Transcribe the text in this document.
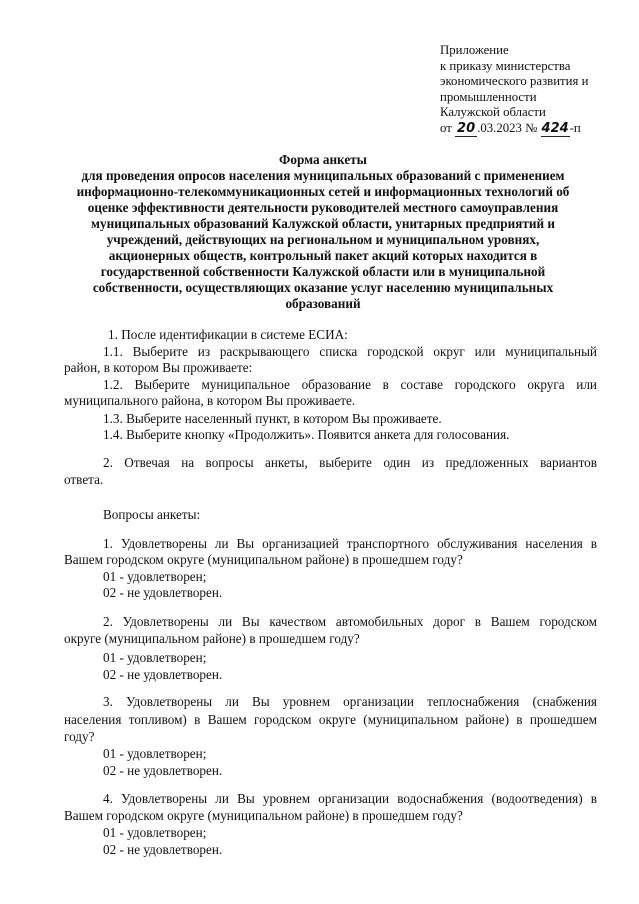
Приложение
к приказу министерства
экономического развития и
промышленности
Калужской области
от 20 .03.2023 № 424-п
Форма анкеты
для проведения опросов населения муниципальных образований с применением
информационно-телекоммуникационных сетей и информационных технологий об
оценке эффективности деятельности руководителей местного самоуправления
муниципальных образований Калужской области, унитарных предприятий и
учреждений, действующих на региональном и муниципальном уровнях,
акционерных обществ, контрольный пакет акций которых находится в
государственной собственности Калужской области или в муниципальной
собственности, осуществляющих оказание услуг населению муниципальных
образований
1. После идентификации в системе ЕСИА:
1.1. Выберите из раскрывающего списка городской округ или муниципальный
район, в котором Вы проживаете:
1.2. Выберите муниципальное образование в составе городского округа или
муниципального района, в котором Вы проживаете.
1.3. Выберите населенный пункт, в котором Вы проживаете.
1.4. Выберите кнопку «Продолжить». Появится анкета для голосования.
2. Отвечая на вопросы анкеты, выберите один из предложенных вариантов
ответа.
Вопросы анкеты:
1. Удовлетворены ли Вы организацией транспортного обслуживания населения в
Вашем городском округе (муниципальном районе) в прошедшем году?
01 - удовлетворен;
02 - не удовлетворен.
2. Удовлетворены ли Вы качеством автомобильных дорог в Вашем городском
округе (муниципальном районе) в прошедшем году?
01 - удовлетворен;
02 - не удовлетворен.
3. Удовлетворены ли Вы уровнем организации теплоснабжения (снабжения
населения топливом) в Вашем городском округе (муниципальном районе) в прошедшем
году?
01 - удовлетворен;
02 - не удовлетворен.
4. Удовлетворены ли Вы уровнем организации водоснабжения (водоотведения) в
Вашем городском округе (муниципальном районе) в прошедшем году?
01 - удовлетворен;
02 - не удовлетворен.
